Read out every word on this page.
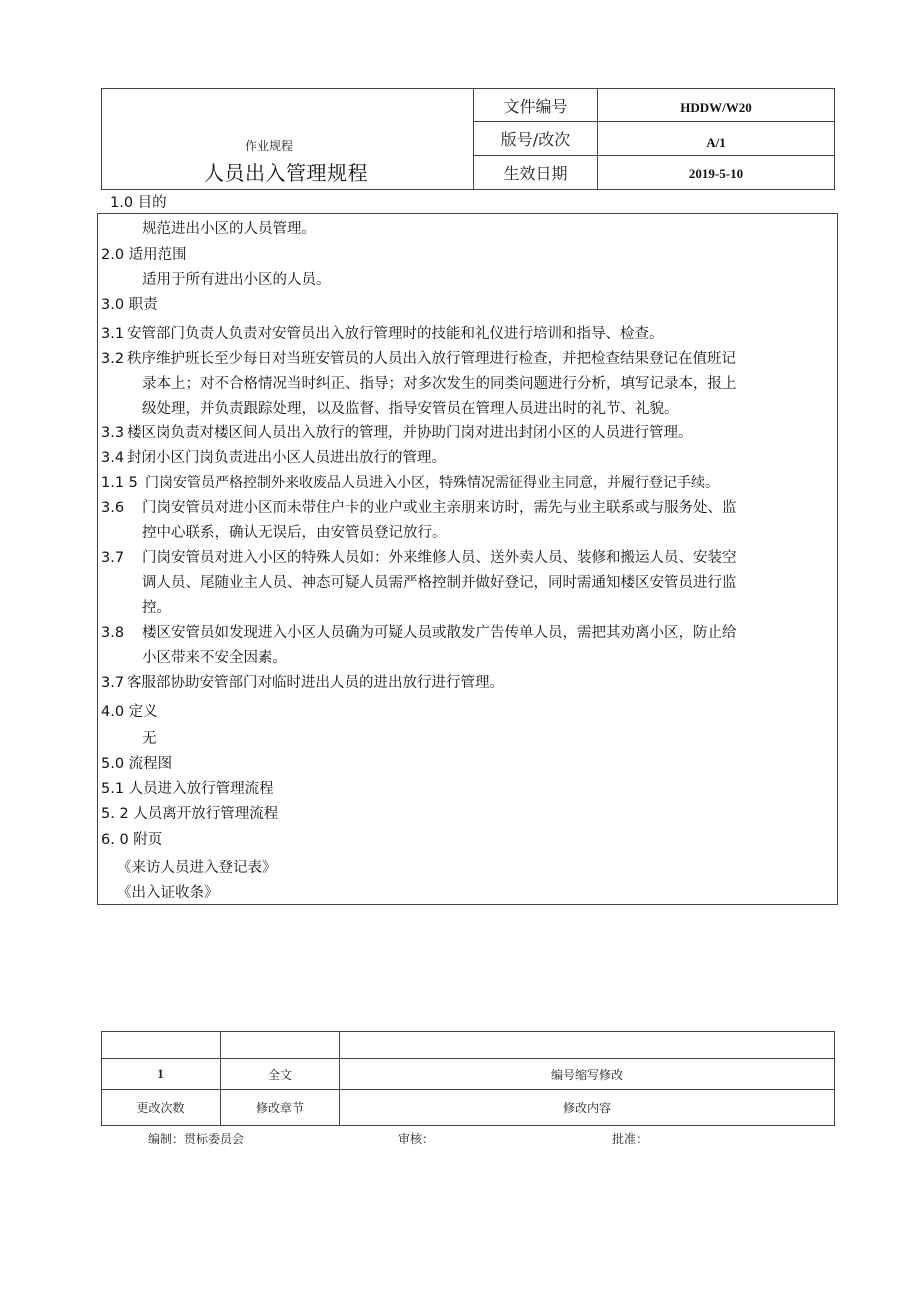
作业规程
人员出入管理规程
文件编号	HDDW/W20
版号/改次	A/1
生效日期	2019-5-10
1.0 目的
规范进出小区的人员管理。
2.0 适用范围
适用于所有进出小区的人员。
3.0 职责
3.1 安管部门负责人负责对安管员出入放行管理时的技能和礼仪进行培训和指导、检查。
3.2 秩序维护班长至少每日对当班安管员的人员出入放行管理进行检查，并把检查结果登记在值班记
录本上；对不合格情况当时纠正、指导；对多次发生的同类问题进行分析，填写记录本，报上
级处理，并负责跟踪处理，以及监督、指导安管员在管理人员进出时的礼节、礼貌。
3.3 楼区岗负责对楼区间人员出入放行的管理，并协助门岗对进出封闭小区的人员进行管理。
3.4 封闭小区门岗负责进出小区人员进出放行的管理。
1.1 5 门岗安管员严格控制外来收废品人员进入小区，特殊情况需征得业主同意，并履行登记手续。
3.6 门岗安管员对进小区而未带住户卡的业户或业主亲朋来访时，需先与业主联系或与服务处、监
控中心联系，确认无误后，由安管员登记放行。
3.7 门岗安管员对进入小区的特殊人员如：外来维修人员、送外卖人员、装修和搬运人员、安装空
调人员、尾随业主人员、神态可疑人员需严格控制并做好登记，同时需通知楼区安管员进行监
控。
3.8 楼区安管员如发现进入小区人员确为可疑人员或散发广告传单人员，需把其劝离小区，防止给
小区带来不安全因素。
3.7 客服部协助安管部门对临时进出人员的进出放行进行管理。
4.0 定义
无
5.0 流程图
5.1 人员进入放行管理流程
5. 2 人员离开放行管理流程
6. 0 附页
《来访人员进入登记表》
《出入证收条》
1	全文	编号缩写修改
更改次数	修改章节	修改内容
编制：贯标委员会	审核：	批准：
